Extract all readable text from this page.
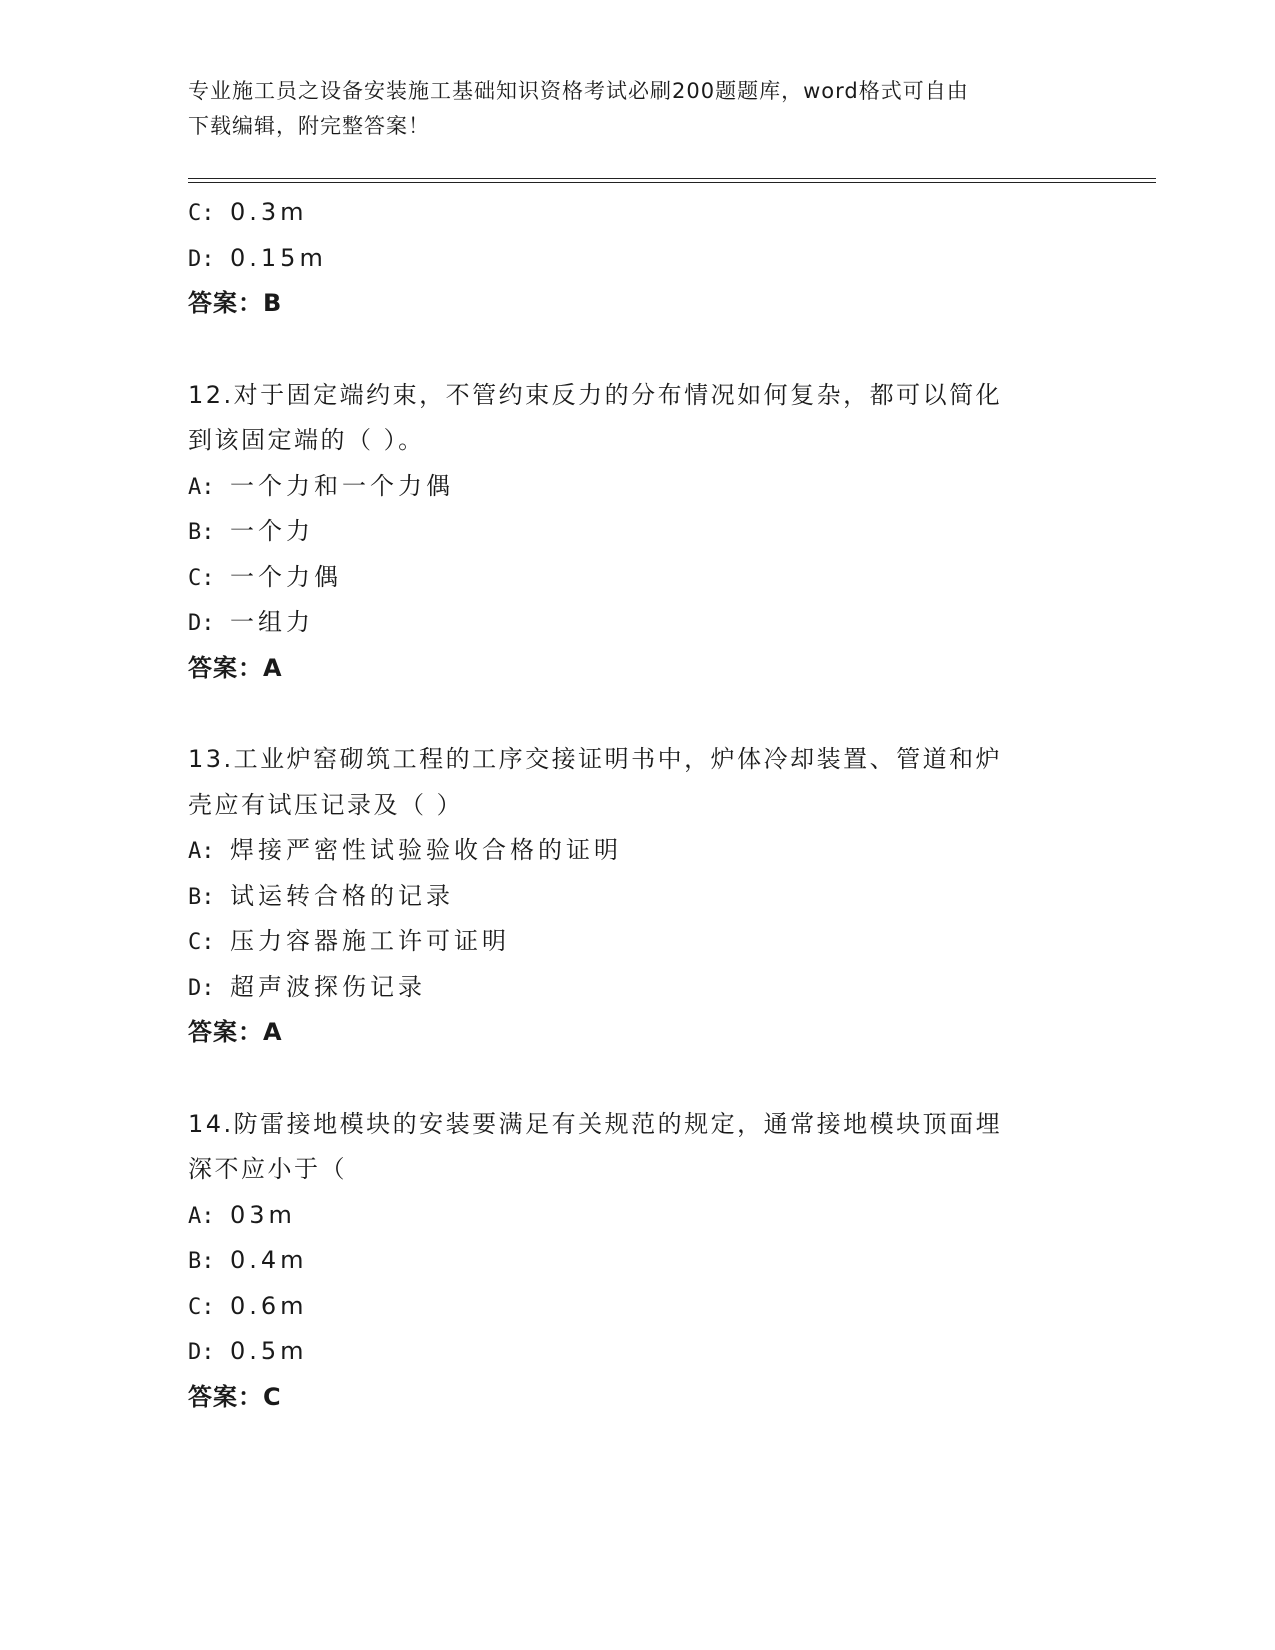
专业施工员之设备安装施工基础知识资格考试必刷200题题库，word格式可自由
下载编辑，附完整答案！
C: 0.3m
D: 0.15m
答案：B
12.对于固定端约束，不管约束反力的分布情况如何复杂，都可以简化
到该固定端的（ ）。
A: 一个力和一个力偶
B: 一个力
C: 一个力偶
D: 一组力
答案：A
13.工业炉窑砌筑工程的工序交接证明书中，炉体冷却装置、管道和炉
壳应有试压记录及（ ）
A: 焊接严密性试验验收合格的证明
B: 试运转合格的记录
C: 压力容器施工许可证明
D: 超声波探伤记录
答案：A
14.防雷接地模块的安装要满足有关规范的规定，通常接地模块顶面埋
深不应小于（
A: 03m
B: 0.4m
C: 0.6m
D: 0.5m
答案：C
